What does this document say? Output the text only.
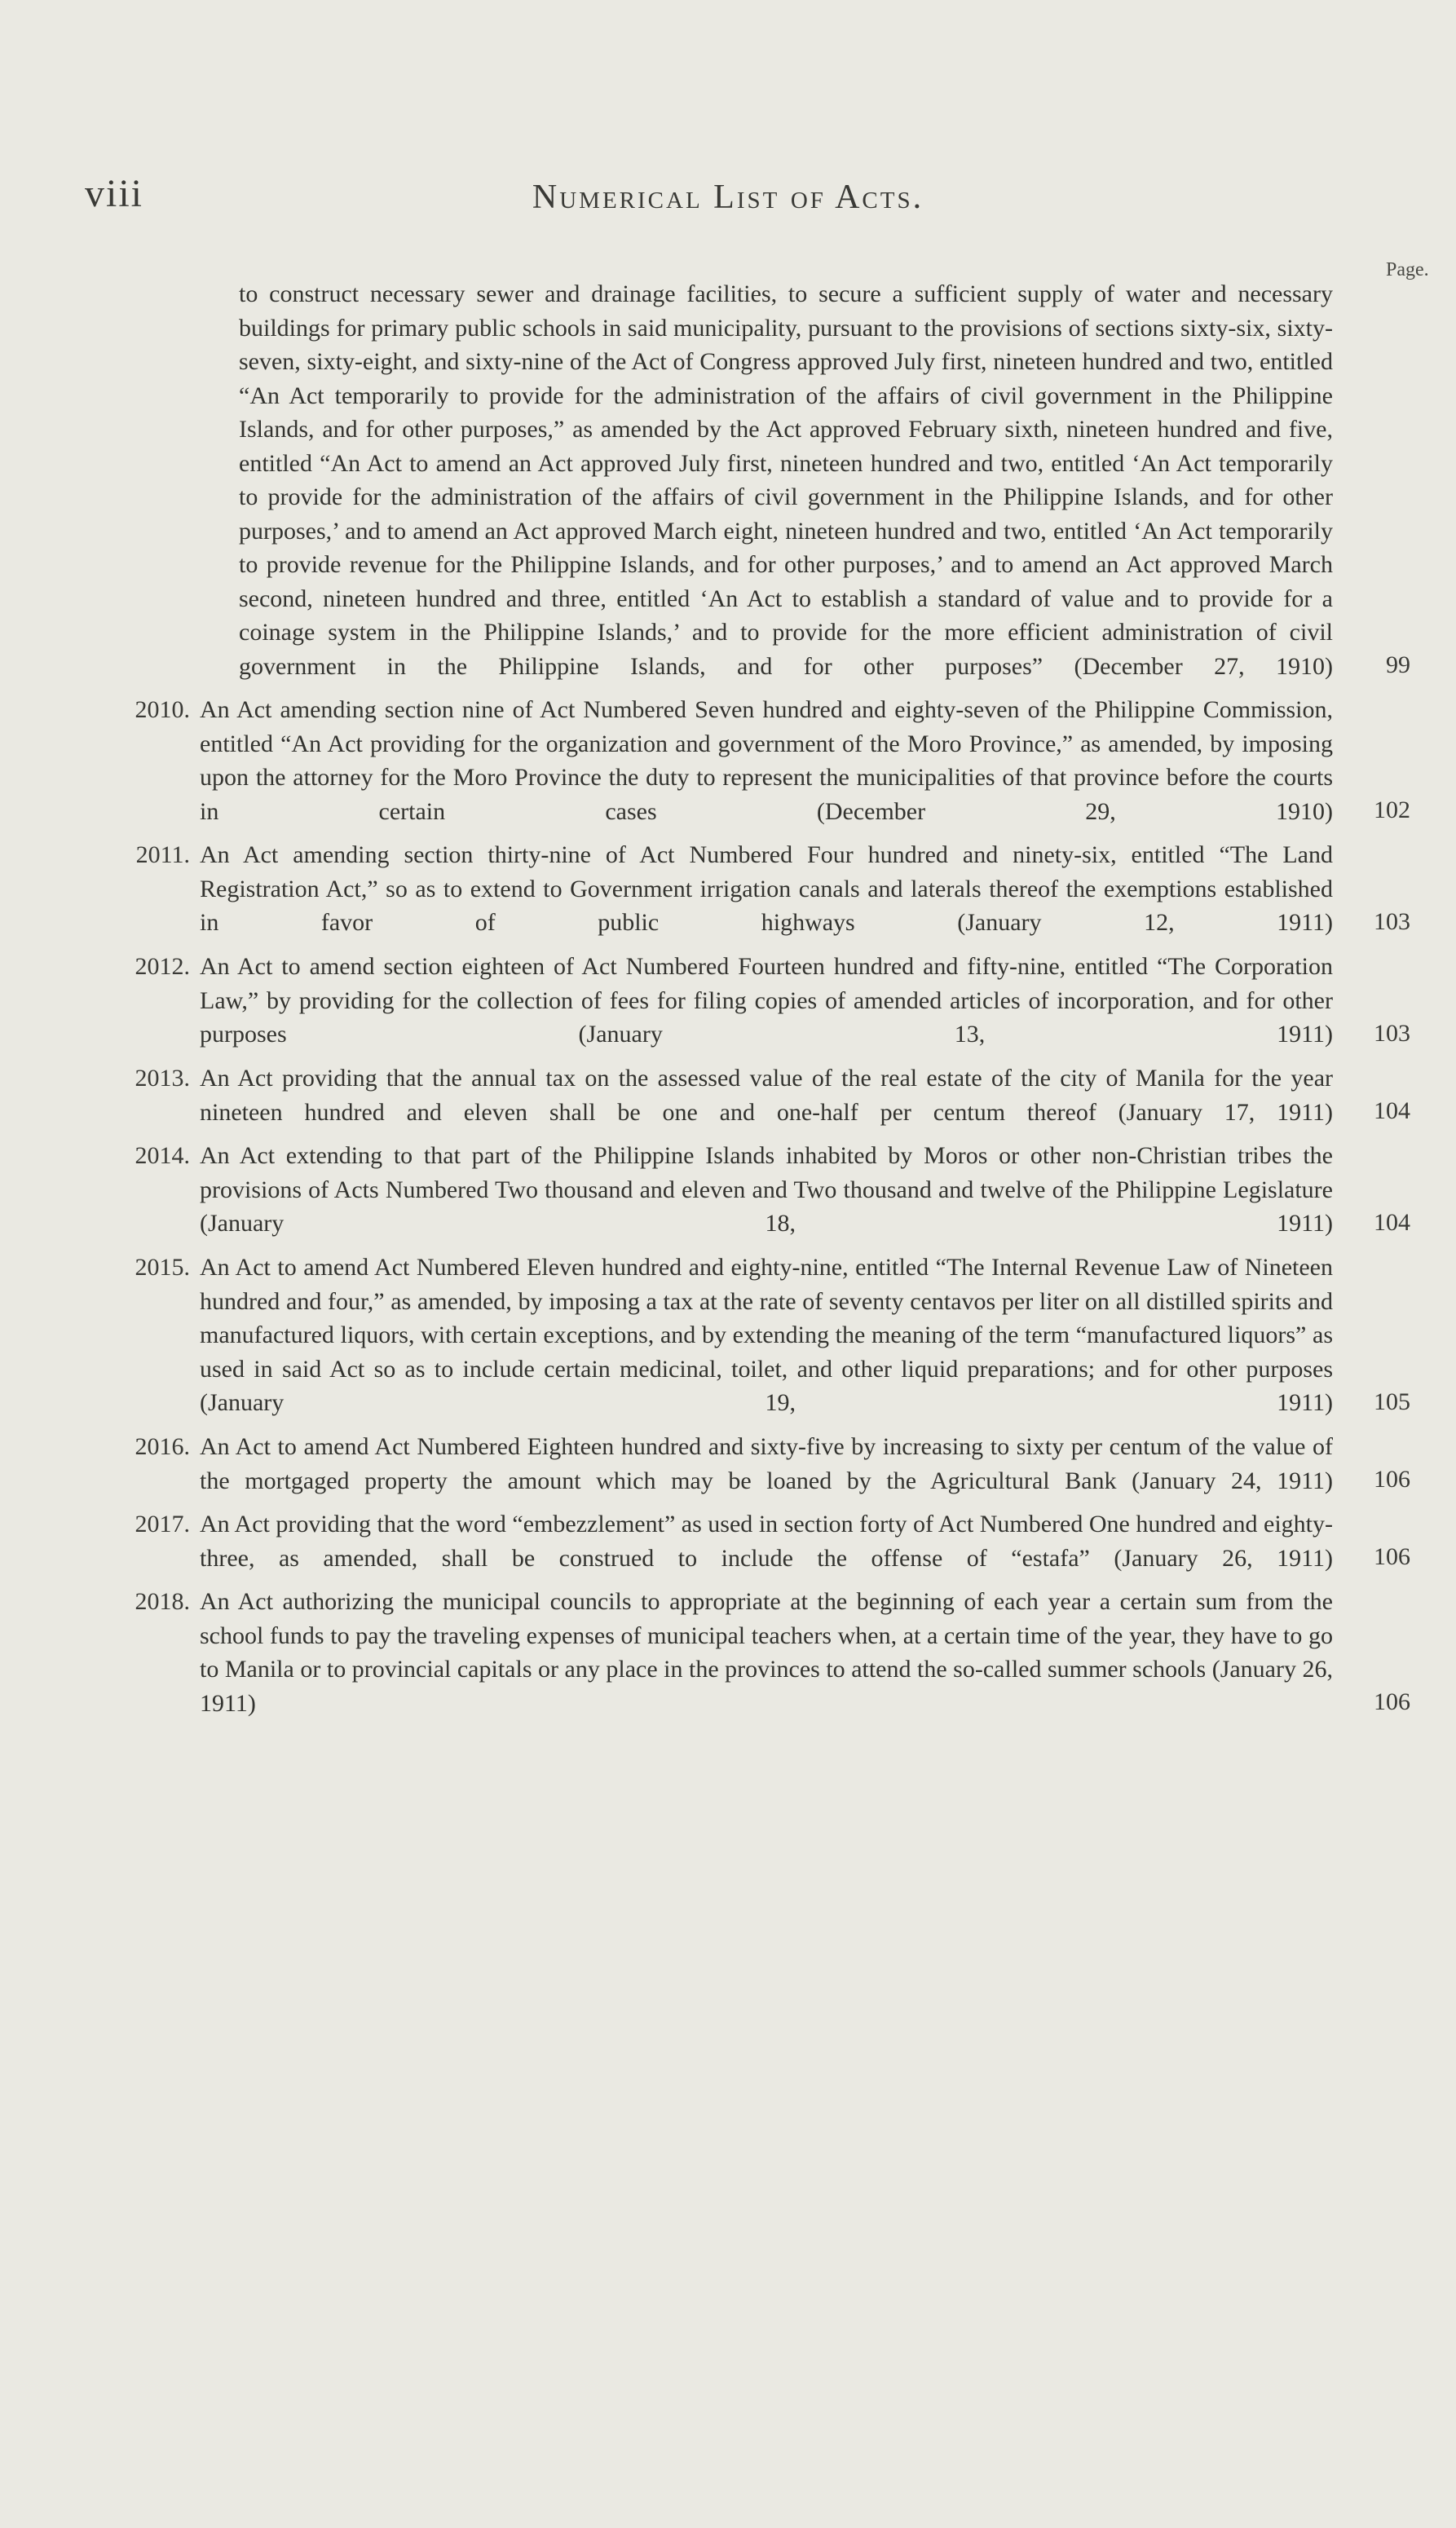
viii	Numerical List of Acts.
Page.
to construct necessary sewer and drainage facilities, to secure a sufficient supply of water and necessary buildings for primary public schools in said municipality, pursuant to the provisions of sections sixty-six, sixty-seven, sixty-eight, and sixty-nine of the Act of Congress approved July first, nineteen hundred and two, entitled “An Act temporarily to provide for the administration of the affairs of civil government in the Philippine Islands, and for other purposes,” as amended by the Act approved February sixth, nineteen hundred and five, entitled “An Act to amend an Act approved July first, nineteen hundred and two, entitled ‘An Act temporarily to provide for the administration of the affairs of civil government in the Philippine Islands, and for other purposes,’ and to amend an Act approved March eight, nineteen hundred and two, entitled ‘An Act temporarily to provide revenue for the Philippine Islands, and for other purposes,’ and to amend an Act approved March second, nineteen hundred and three, entitled ‘An Act to establish a standard of value and to provide for a coinage system in the Philippine Islands,’ and to provide for the more efficient administration of civil government in the Philippine Islands, and for other purposes” (December 27, 1910) .....	99
2010. An Act amending section nine of Act Numbered Seven hundred and eighty-seven of the Philippine Commission, entitled “An Act providing for the organization and government of the Moro Province,” as amended, by imposing upon the attorney for the Moro Province the duty to represent the municipalities of that province before the courts in certain cases	(December 29, 1910) .....	102
2011. An Act amending section thirty-nine of Act Numbered Four hundred and ninety-six, entitled “The Land Registration Act,” so as to extend to Government irrigation canals and laterals thereof the exemptions established in favor of public highways	(January 12, 1911) .....	103
2012. An Act to amend section eighteen of Act Numbered Fourteen hundred and fifty-nine, entitled “The Corporation Law,” by providing for the collection of fees for filing copies of amended articles of incorporation, and for other purposes	(January 13, 1911) .....	103
2013. An Act providing that the annual tax on the assessed value of the real estate of the city of Manila for the year nineteen hundred and eleven shall be one and one-half per centum thereof (January 17, 1911) .....	104
2014. An Act extending to that part of the Philippine Islands inhabited by Moros or other non-Christian tribes the provisions of Acts Numbered Two thousand and eleven and Two thousand and twelve of the Philippine Legislature (January 18, 1911) .....	104
2015. An Act to amend Act Numbered Eleven hundred and eighty-nine, entitled “The Internal Revenue Law of Nineteen hundred and four,” as amended, by imposing a tax at the rate of seventy centavos per liter on all distilled spirits and manufactured liquors, with certain exceptions, and by extending the meaning of the term “manufactured liquors” as used in said Act so as to include certain medicinal, toilet, and other liquid preparations; and for other purposes (January 19, 1911) .....	105
2016. An Act to amend Act Numbered Eighteen hundred and sixty-five by increasing to sixty per centum of the value of the mortgaged property the amount which may be loaned by the Agricultural Bank (January 24, 1911) .....	106
2017. An Act providing that the word “embezzlement” as used in section forty of Act Numbered One hundred and eighty-three, as amended, shall be construed to include the offense of “estafa” (January 26, 1911) .....	106
2018. An Act authorizing the municipal councils to appropriate at the beginning of each year a certain sum from the school funds to pay the traveling expenses of municipal teachers when, at a certain time of the year, they have to go to Manila or to provincial capitals or any place in the provinces to attend the so-called summer schools (January 26, 1911) .....	106
